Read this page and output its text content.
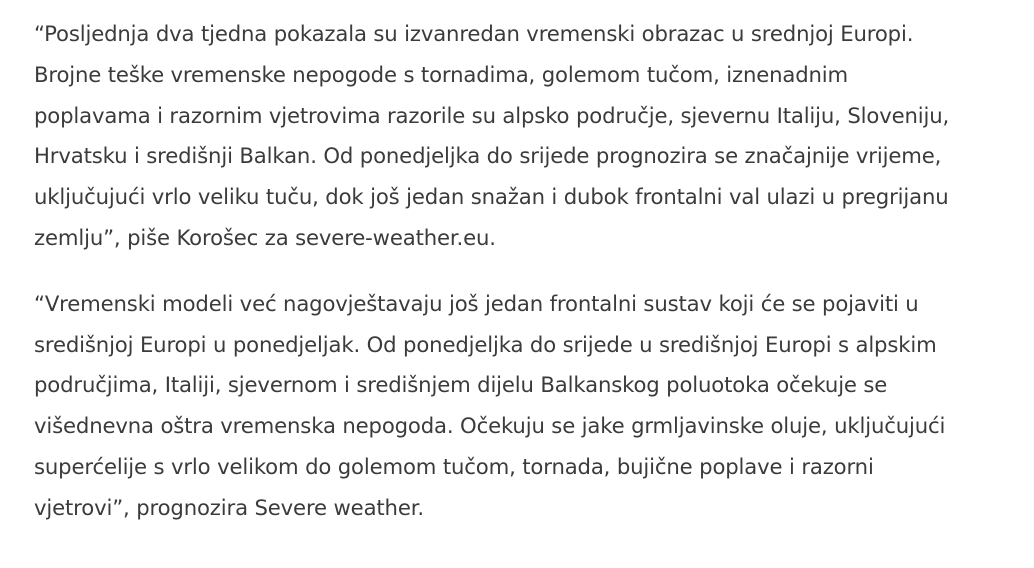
“Posljednja dva tjedna pokazala su izvanredan vremenski obrazac u srednjoj Europi.
Brojne teške vremenske nepogode s tornadima, golemom tučom, iznenadnim
poplavama i razornim vjetrovima razorile su alpsko područje, sjevernu Italiju, Sloveniju,
Hrvatsku i središnji Balkan. Od ponedjeljka do srijede prognozira se značajnije vrijeme,
uključujući vrlo veliku tuču, dok još jedan snažan i dubok frontalni val ulazi u pregrijanu
zemlju”, piše Korošec za severe-weather.eu.

“Vremenski modeli već nagovještavaju još jedan frontalni sustav koji će se pojaviti u
središnjoj Europi u ponedjeljak. Od ponedjeljka do srijede u središnjoj Europi s alpskim
područjima, Italiji, sjevernom i središnjem dijelu Balkanskog poluotoka očekuje se
višednevna oštra vremenska nepogoda. Očekuju se jake grmljavinske oluje, uključujući
superćelije s vrlo velikom do golemom tučom, tornada, bujične poplave i razorni
vjetrovi”, prognozira Severe weather.
